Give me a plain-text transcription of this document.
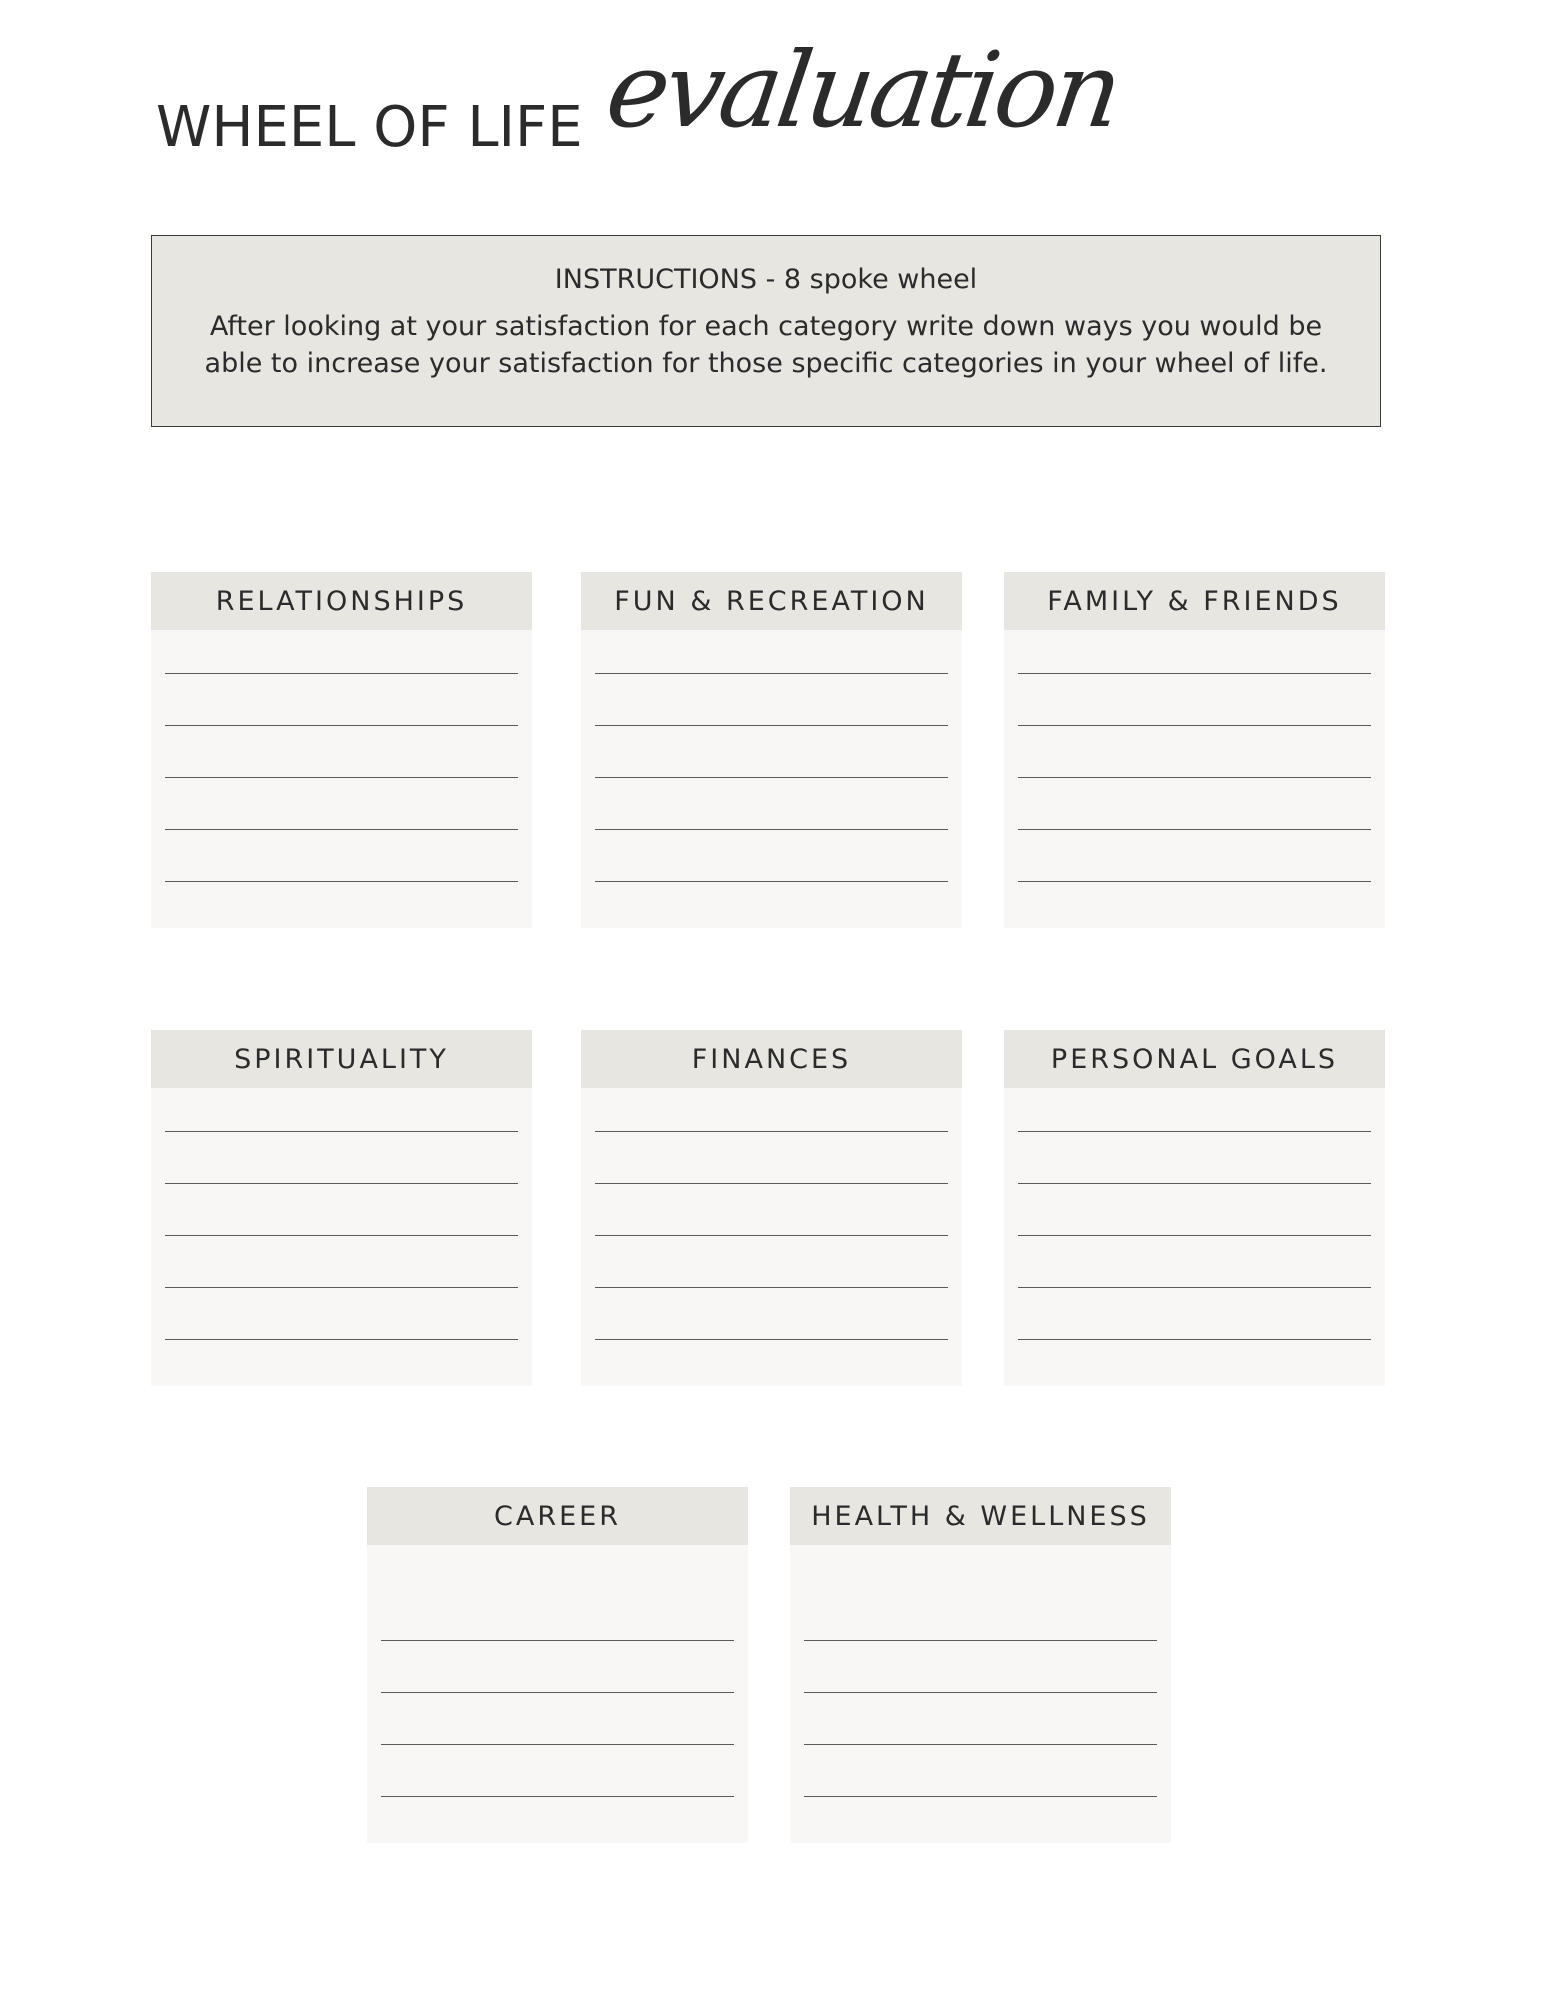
WHEEL OF LIFE evaluation
INSTRUCTIONS - 8 spoke wheel
After looking at your satisfaction for each category write down ways you would be able to increase your satisfaction for those specific categories in your wheel of life.
RELATIONSHIPS	FUN & RECREATION	FAMILY & FRIENDS
SPIRITUALITY	FINANCES	PERSONAL GOALS
CAREER	HEALTH & WELLNESS
